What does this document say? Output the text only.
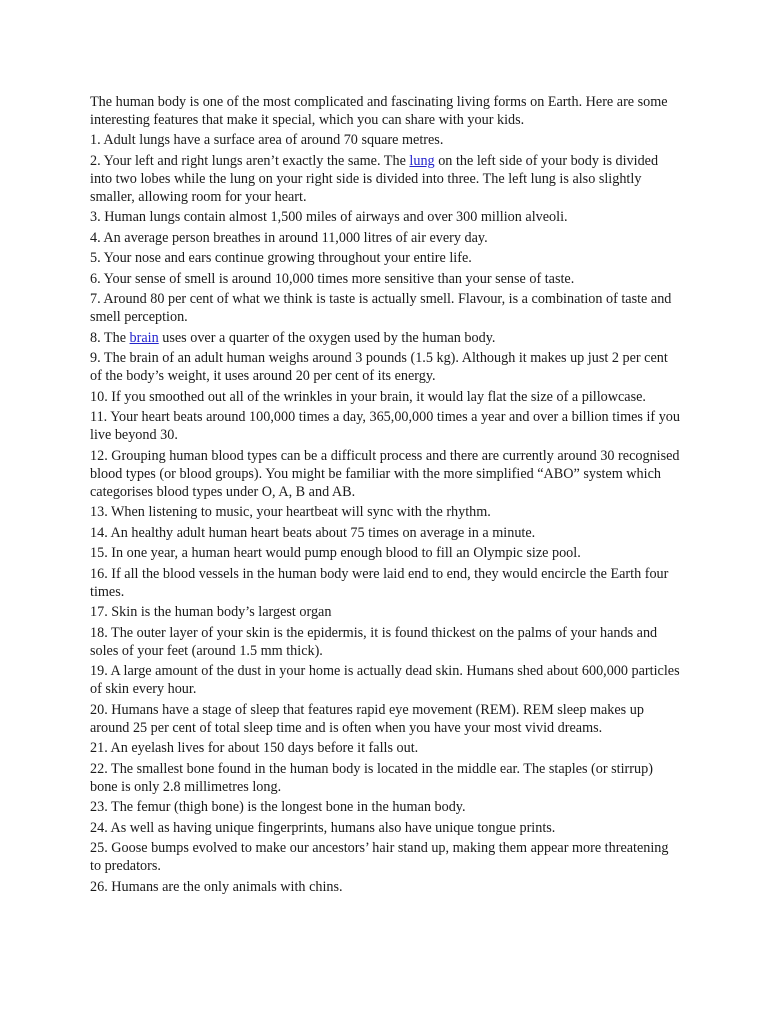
The human body is one of the most complicated and fascinating living forms on Earth. Here are some interesting features that make it special, which you can share with your kids.

1. Adult lungs have a surface area of around 70 square metres.

2. Your left and right lungs aren’t exactly the same. The lung on the left side of your body is divided into two lobes while the lung on your right side is divided into three. The left lung is also slightly smaller, allowing room for your heart.

3. Human lungs contain almost 1,500 miles of airways and over 300 million alveoli.

4. An average person breathes in around 11,000 litres of air every day.

5. Your nose and ears continue growing throughout your entire life.

6. Your sense of smell is around 10,000 times more sensitive than your sense of taste.

7. Around 80 per cent of what we think is taste is actually smell. Flavour, is a combination of taste and smell perception.

8. The brain uses over a quarter of the oxygen used by the human body.

9. The brain of an adult human weighs around 3 pounds (1.5 kg). Although it makes up just 2 per cent of the body’s weight, it uses around 20 per cent of its energy.

10. If you smoothed out all of the wrinkles in your brain, it would lay flat the size of a pillowcase.

11. Your heart beats around 100,000 times a day, 365,00,000 times a year and over a billion times if you live beyond 30.

12. Grouping human blood types can be a difficult process and there are currently around 30 recognised blood types (or blood groups). You might be familiar with the more simplified “ABO” system which categorises blood types under O, A, B and AB.

13. When listening to music, your heartbeat will sync with the rhythm.

14. An healthy adult human heart beats about 75 times on average in a minute.

15. In one year, a human heart would pump enough blood to fill an Olympic size pool.

16. If all the blood vessels in the human body were laid end to end, they would encircle the Earth four times.

17. Skin is the human body’s largest organ

18. The outer layer of your skin is the epidermis, it is found thickest on the palms of your hands and soles of your feet (around 1.5 mm thick).

19. A large amount of the dust in your home is actually dead skin. Humans shed about 600,000 particles of skin every hour.

20. Humans have a stage of sleep that features rapid eye movement (REM). REM sleep makes up around 25 per cent of total sleep time and is often when you have your most vivid dreams.

21. An eyelash lives for about 150 days before it falls out.

22. The smallest bone found in the human body is located in the middle ear. The staples (or stirrup) bone is only 2.8 millimetres long.

23. The femur (thigh bone) is the longest bone in the human body.

24. As well as having unique fingerprints, humans also have unique tongue prints.

25. Goose bumps evolved to make our ancestors’ hair stand up, making them appear more threatening to predators.

26. Humans are the only animals with chins.
